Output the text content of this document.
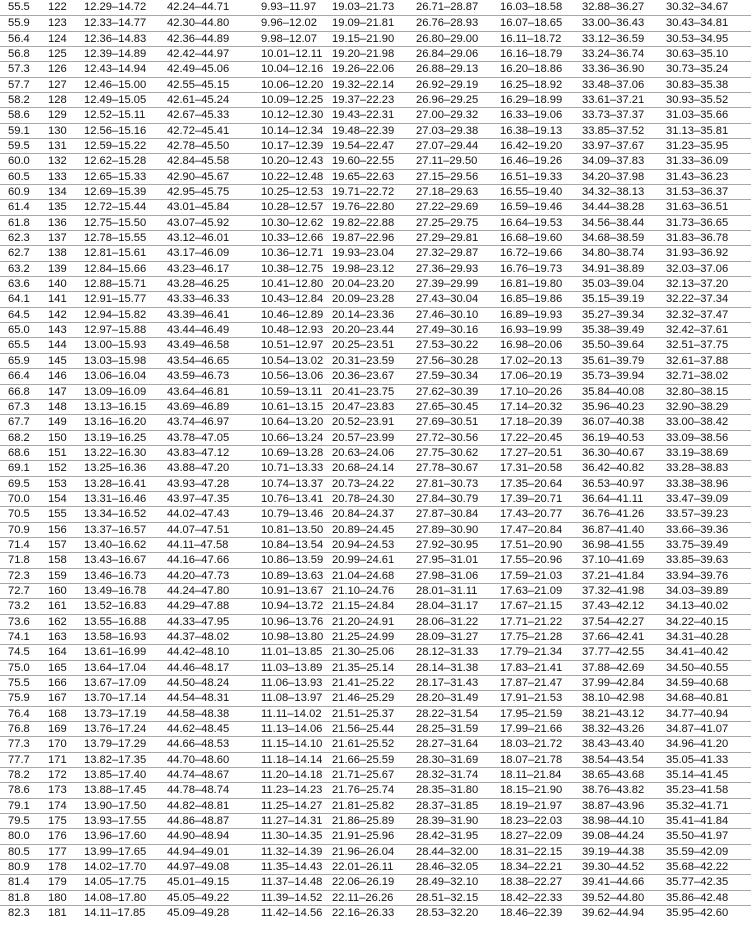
55.5 122 12.29–14.72 42.24–44.71	9.93–11.97 19.03–21.73 26.71–28.87 16.03–18.58 32.88–36.27 30.32–34.67
55.9 123 12.33–14.77 42.30–44.80	9.96–12.02 19.09–21.81 26.76–28.93 16.07–18.65 33.00–36.43 30.43–34.81
56.4 124 12.36–14.83 42.36–44.89	9.98–12.07 19.15–21.90 26.80–29.00 16.11–18.72 33.12–36.59 30.53–34.95
56.8 125 12.39–14.89 42.42–44.97	10.01–12.11 19.20–21.98 26.84–29.06 16.16–18.79 33.24–36.74 30.63–35.10
57.3 126 12.43–14.94 42.49–45.06	10.04–12.16 19.26–22.06 26.88–29.13 16.20–18.86 33.36–36.90 30.73–35.24
57.7 127 12.46–15.00 42.55–45.15	10.06–12.20 19.32–22.14 26.92–29.19 16.25–18.92 33.48–37.06 30.83–35.38
58.2 128 12.49–15.05 42.61–45.24	10.09–12.25 19.37–22.23 26.96–29.25 16.29–18.99 33.61–37.21 30.93–35.52
58.6 129 12.52–15.11 42.67–45.33	10.12–12.30 19.43–22.31 27.00–29.32 16.33–19.06 33.73–37.37 31.03–35.66
59.1 130 12.56–15.16 42.72–45.41	10.14–12.34 19.48–22.39 27.03–29.38 16.38–19.13 33.85–37.52 31.13–35.81
59.5 131 12.59–15.22 42.78–45.50	10.17–12.39 19.54–22.47 27.07–29.44 16.42–19.20 33.97–37.67 31.23–35.95
60.0 132 12.62–15.28 42.84–45.58	10.20–12.43 19.60–22.55 27.11–29.50 16.46–19.26 34.09–37.83 31.33–36.09
60.5 133 12.65–15.33 42.90–45.67	10.22–12.48 19.65–22.63 27.15–29.56 16.51–19.33 34.20–37.98 31.43–36.23
60.9 134 12.69–15.39 42.95–45.75	10.25–12.53 19.71–22.72 27.18–29.63 16.55–19.40 34.32–38.13 31.53–36.37
61.4 135 12.72–15.44 43.01–45.84	10.28–12.57 19.76–22.80 27.22–29.69 16.59–19.46 34.44–38.28 31.63–36.51
61.8 136 12.75–15.50 43.07–45.92	10.30–12.62 19.82–22.88 27.25–29.75 16.64–19.53 34.56–38.44 31.73–36.65
62.3 137 12.78–15.55 43.12–46.01	10.33–12.66 19.87–22.96 27.29–29.81 16.68–19.60 34.68–38.59 31.83–36.78
62.7 138 12.81–15.61 43.17–46.09	10.36–12.71 19.93–23.04 27.32–29.87 16.72–19.66 34.80–38.74 31.93–36.92
63.2 139 12.84–15.66 43.23–46.17	10.38–12.75 19.98–23.12 27.36–29.93 16.76–19.73 34.91–38.89 32.03–37.06
63.6 140 12.88–15.71 43.28–46.25	10.41–12.80 20.04–23.20 27.39–29.99 16.81–19.80 35.03–39.04 32.13–37.20
64.1 141 12.91–15.77 43.33–46.33	10.43–12.84 20.09–23.28 27.43–30.04 16.85–19.86 35.15–39.19 32.22–37.34
64.5 142 12.94–15.82 43.39–46.41	10.46–12.89 20.14–23.36 27.46–30.10 16.89–19.93 35.27–39.34 32.32–37.47
65.0 143 12.97–15.88 43.44–46.49	10.48–12.93 20.20–23.44 27.49–30.16 16.93–19.99 35.38–39.49 32.42–37.61
65.5 144 13.00–15.93 43.49–46.58	10.51–12.97 20.25–23.51 27.53–30.22 16.98–20.06 35.50–39.64 32.51–37.75
65.9 145 13.03–15.98 43.54–46.65	10.54–13.02 20.31–23.59 27.56–30.28 17.02–20.13 35.61–39.79 32.61–37.88
66.4 146 13.06–16.04 43.59–46.73	10.56–13.06 20.36–23.67 27.59–30.34 17.06–20.19 35.73–39.94 32.71–38.02
66.8 147 13.09–16.09 43.64–46.81	10.59–13.11 20.41–23.75 27.62–30.39 17.10–20.26 35.84–40.08 32.80–38.15
67.3 148 13.13–16.15 43.69–46.89	10.61–13.15 20.47–23.83 27.65–30.45 17.14–20.32 35.96–40.23 32.90–38.29
67.7 149 13.16–16.20 43.74–46.97	10.64–13.20 20.52–23.91 27.69–30.51 17.18–20.39 36.07–40.38 33.00–38.42
68.2 150 13.19–16.25 43.78–47.05	10.66–13.24 20.57–23.99 27.72–30.56 17.22–20.45 36.19–40.53 33.09–38.56
68.6 151 13.22–16.30 43.83–47.12	10.69–13.28 20.63–24.06 27.75–30.62 17.27–20.51 36.30–40.67 33.19–38.69
69.1 152 13.25–16.36 43.88–47.20	10.71–13.33 20.68–24.14 27.78–30.67 17.31–20.58 36.42–40.82 33.28–38.83
69.5 153 13.28–16.41 43.93–47.28	10.74–13.37 20.73–24.22 27.81–30.73 17.35–20.64 36.53–40.97 33.38–38.96
70.0 154 13.31–16.46 43.97–47.35	10.76–13.41 20.78–24.30 27.84–30.79 17.39–20.71 36.64–41.11 33.47–39.09
70.5 155 13.34–16.52 44.02–47.43	10.79–13.46 20.84–24.37 27.87–30.84 17.43–20.77 36.76–41.26 33.57–39.23
70.9 156 13.37–16.57 44.07–47.51	10.81–13.50 20.89–24.45 27.89–30.90 17.47–20.84 36.87–41.40 33.66–39.36
71.4 157 13.40–16.62 44.11–47.58	10.84–13.54 20.94–24.53 27.92–30.95 17.51–20.90 36.98–41.55 33.75–39.49
71.8 158 13.43–16.67 44.16–47.66	10.86–13.59 20.99–24.61 27.95–31.01 17.55–20.96 37.10–41.69 33.85–39.63
72.3 159 13.46–16.73 44.20–47.73	10.89–13.63 21.04–24.68 27.98–31.06 17.59–21.03 37.21–41.84 33.94–39.76
72.7 160 13.49–16.78 44.24–47.80	10.91–13.67 21.10–24.76 28.01–31.11 17.63–21.09 37.32–41.98 34.03–39.89
73.2 161 13.52–16.83 44.29–47.88	10.94–13.72 21.15–24.84 28.04–31.17 17.67–21.15 37.43–42.12 34.13–40.02
73.6 162 13.55–16.88 44.33–47.95	10.96–13.76 21.20–24.91 28.06–31.22 17.71–21.22 37.54–42.27 34.22–40.15
74.1 163 13.58–16.93 44.37–48.02	10.98–13.80 21.25–24.99 28.09–31.27 17.75–21.28 37.66–42.41 34.31–40.28
74.5 164 13.61–16.99 44.42–48.10	11.01–13.85 21.30–25.06 28.12–31.33 17.79–21.34 37.77–42.55 34.41–40.42
75.0 165 13.64–17.04 44.46–48.17	11.03–13.89 21.35–25.14 28.14–31.38 17.83–21.41 37.88–42.69 34.50–40.55
75.5 166 13.67–17.09 44.50–48.24	11.06–13.93 21.41–25.22 28.17–31.43 17.87–21.47 37.99–42.84 34.59–40.68
75.9 167 13.70–17.14 44.54–48.31	11.08–13.97 21.46–25.29 28.20–31.49 17.91–21.53 38.10–42.98 34.68–40.81
76.4 168 13.73–17.19 44.58–48.38	11.11–14.02 21.51–25.37 28.22–31.54 17.95–21.59 38.21–43.12 34.77–40.94
76.8 169 13.76–17.24 44.62–48.45	11.13–14.06 21.56–25.44 28.25–31.59 17.99–21.66 38.32–43.26 34.87–41.07
77.3 170 13.79–17.29 44.66–48.53	11.15–14.10 21.61–25.52 28.27–31.64 18.03–21.72 38.43–43.40 34.96–41.20
77.7 171 13.82–17.35 44.70–48.60	11.18–14.14 21.66–25.59 28.30–31.69 18.07–21.78 38.54–43.54 35.05–41.33
78.2 172 13.85–17.40 44.74–48.67	11.20–14.18 21.71–25.67 28.32–31.74 18.11–21.84 38.65–43.68 35.14–41.45
78.6 173 13.88–17.45 44.78–48.74	11.23–14.23 21.76–25.74 28.35–31.80 18.15–21.90 38.76–43.82 35.23–41.58
79.1 174 13.90–17.50 44.82–48.81	11.25–14.27 21.81–25.82 28.37–31.85 18.19–21.97 38.87–43.96 35.32–41.71
79.5 175 13.93–17.55 44.86–48.87	11.27–14.31 21.86–25.89 28.39–31.90 18.23–22.03 38.98–44.10 35.41–41.84
80.0 176 13.96–17.60 44.90–48.94	11.30–14.35 21.91–25.96 28.42–31.95 18.27–22.09 39.08–44.24 35.50–41.97
80.5 177 13.99–17.65 44.94–49.01	11.32–14.39 21.96–26.04 28.44–32.00 18.31–22.15 39.19–44.38 35.59–42.09
80.9 178 14.02–17.70 44.97–49.08	11.35–14.43 22.01–26.11 28.46–32.05 18.34–22.21 39.30–44.52 35.68–42.22
81.4 179 14.05–17.75 45.01–49.15	11.37–14.48 22.06–26.19 28.49–32.10 18.38–22.27 39.41–44.66 35.77–42.35
81.8 180 14.08–17.80 45.05–49.22	11.39–14.52 22.11–26.26 28.51–32.15 18.42–22.33 39.52–44.80 35.86–42.48
82.3 181 14.11–17.85 45.09–49.28	11.42–14.56 22.16–26.33 28.53–32.20 18.46–22.39 39.62–44.94 35.95–42.60
